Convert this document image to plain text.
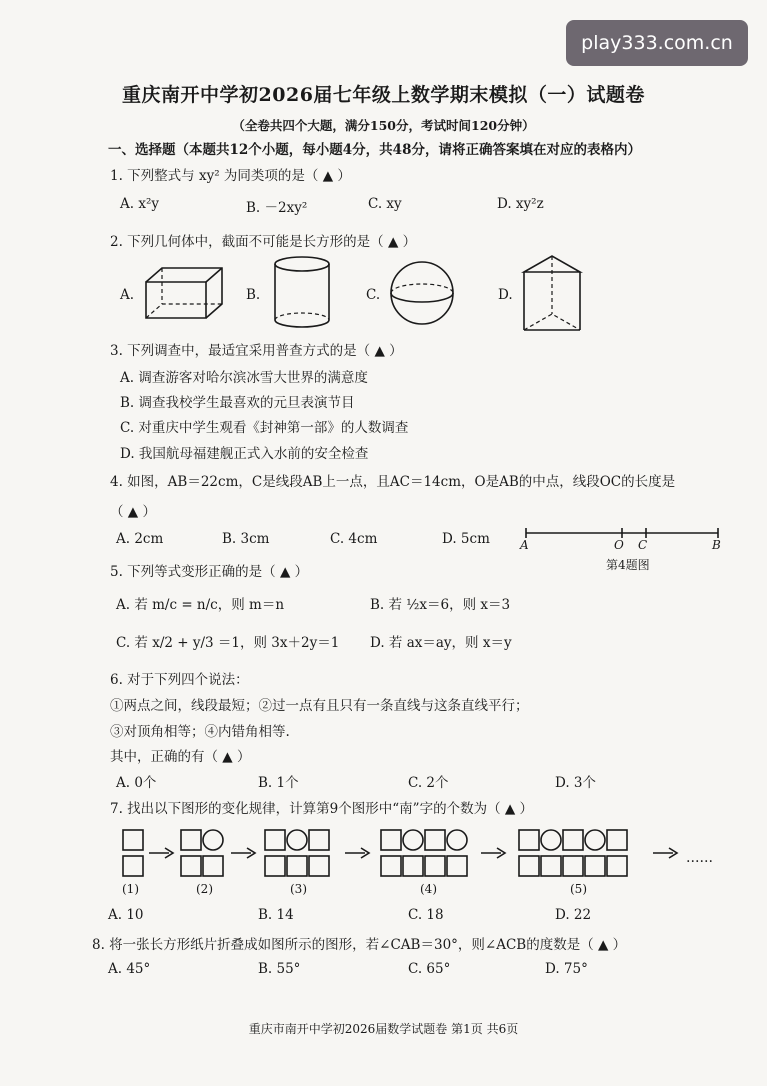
play333.com.cn
重庆南开中学初2026届七年级上数学期末模拟（一）试题卷
（全卷共四个大题，满分150分，考试时间120分钟）
一、选择题（本题共12个小题，每小题4分，共48分，请将正确答案填在对应的表格内）
1. 下列整式与 xy² 为同类项的是（ ▲ ）
A. x²y	B. －2xy²	C. xy	D. xy²z
2. 下列几何体中，截面不可能是长方形的是（ ▲ ）
A.	B.	C.	D.
3. 下列调查中，最适宜采用普查方式的是（ ▲ ）
A. 调查游客对哈尔滨冰雪大世界的满意度
B. 调查我校学生最喜欢的元旦表演节目
C. 对重庆中学生观看《封神第一部》的人数调查
D. 我国航母福建舰正式入水前的安全检查
4. 如图，AB＝22cm，C是线段AB上一点，且AC＝14cm，O是AB的中点，线段OC的长度是
（ ▲ ）
A. 2cm	B. 3cm	C. 4cm	D. 5cm	A	O C	B
第4题图
5. 下列等式变形正确的是（ ▲ ）
A. 若 m/c = n/c，则 m＝n	B. 若 ½x＝6，则 x＝3
C. 若 x/2 + y/3 ＝1，则 3x＋2y＝1 D. 若 ax＝ay，则 x＝y
6. 对于下列四个说法：
①两点之间，线段最短；②过一点有且只有一条直线与这条直线平行；
③对顶角相等；④内错角相等.
其中，正确的有（ ▲ ）
A. 0个	B. 1个	C. 2个	D. 3个
7. 找出以下图形的变化规律，计算第9个图形中“南”字的个数为（ ▲ ）
……
(1)	(2)	(3)	(4)	(5)
A. 10	B. 14	C. 18	D. 22
8. 将一张长方形纸片折叠成如图所示的图形，若∠CAB＝30°，则∠ACB的度数是（ ▲ ）
A. 45°	B. 55°	C. 65°	D. 75°
重庆市南开中学初2026届数学试题卷 第1页 共6页
